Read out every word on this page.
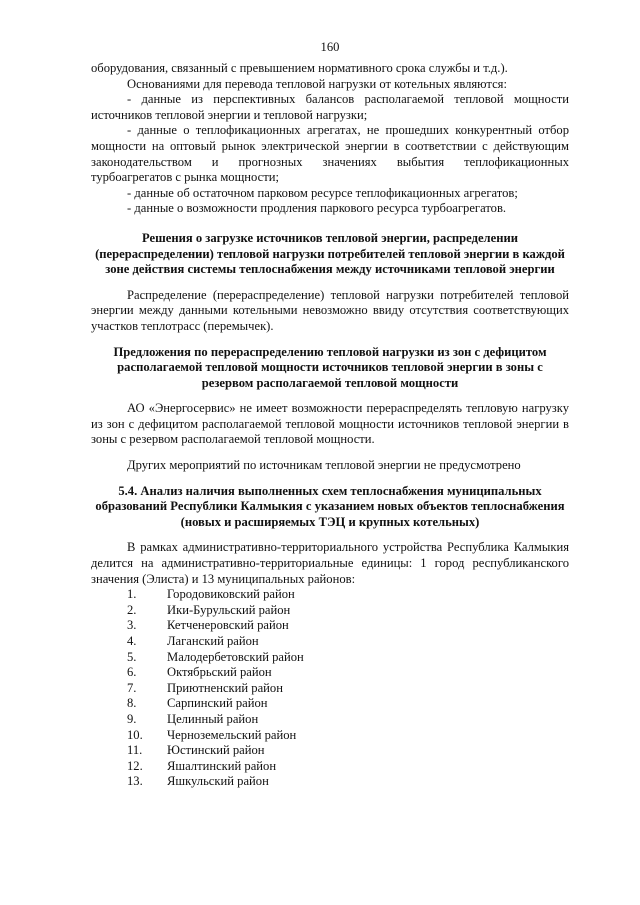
160

оборудования, связанный с превышением нормативного срока службы и т.д.).

Основаниями для перевода тепловой нагрузки от котельных являются:

- данные из перспективных балансов располагаемой тепловой мощности источников тепловой энергии и тепловой нагрузки;

- данные о теплофикационных агрегатах, не прошедших конкурентный отбор мощности на оптовый рынок электрической энергии в соответствии с действующим законодательством и прогнозных значениях выбытия теплофикационных турбоагрегатов с рынка мощности;

- данные об остаточном парковом ресурсе теплофикационных агрегатов;

- данные о возможности продления паркового ресурса турбоагрегатов.

Решения о загрузке источников тепловой энергии, распределении (перераспределении) тепловой нагрузки потребителей тепловой энергии в каждой зоне действия системы теплоснабжения между источниками тепловой энергии

Распределение (перераспределение) тепловой нагрузки потребителей тепловой энергии между данными котельными невозможно ввиду отсутствия соответствующих участков теплотрасс (перемычек).

Предложения по перераспределению тепловой нагрузки из зон с дефицитом располагаемой тепловой мощности источников тепловой энергии в зоны с резервом располагаемой тепловой мощности

АО «Энергосервис» не имеет возможности перераспределять тепловую нагрузку из зон с дефицитом располагаемой тепловой мощности источников тепловой энергии в зоны с резервом располагаемой тепловой мощности.

Других мероприятий по источникам тепловой энергии не предусмотрено

5.4. Анализ наличия выполненных схем теплоснабжения муниципальных образований Республики Калмыкия с указанием новых объектов теплоснабжения (новых и расширяемых ТЭЦ и крупных котельных)

В рамках административно-территориального устройства Республика Калмыкия делится на административно-территориальные единицы: 1 город республиканского значения (Элиста) и 13 муниципальных районов:

1.	Городовиковский район
2.	Ики-Бурульский район
3.	Кетченеровский район
4.	Лаганский район
5.	Малодербетовский район
6.	Октябрьский район
7.	Приютненский район
8.	Сарпинский район
9.	Целинный район
10.	Черноземельский район
11.	Юстинский район
12.	Яшалтинский район
13.	Яшкульский район
